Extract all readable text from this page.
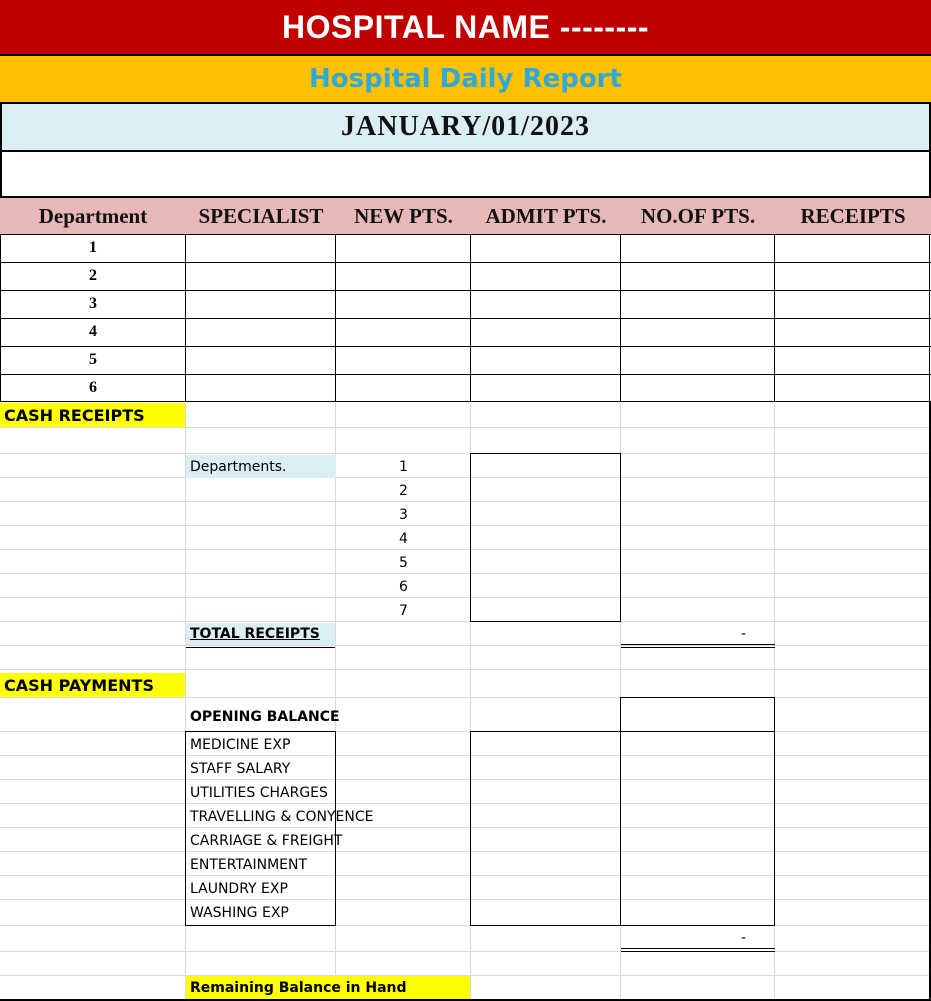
HOSPITAL NAME --------
Hospital Daily Report
JANUARY/01/2023
Department	SPECIALIST	NEW PTS.	ADMIT PTS.	NO.OF PTS.	RECEIPTS
1
2
3
4
5
6
CASH RECEIPTS
Departments.	1
2
3
4
5
6
7
TOTAL RECEIPTS	-
CASH PAYMENTS
OPENING BALANCE
MEDICINE EXP
STAFF SALARY
UTILITIES CHARGES
TRAVELLING & CONYENCE
CARRIAGE & FREIGHT
ENTERTAINMENT
LAUNDRY EXP
WASHING EXP
-
Remaining Balance in Hand
